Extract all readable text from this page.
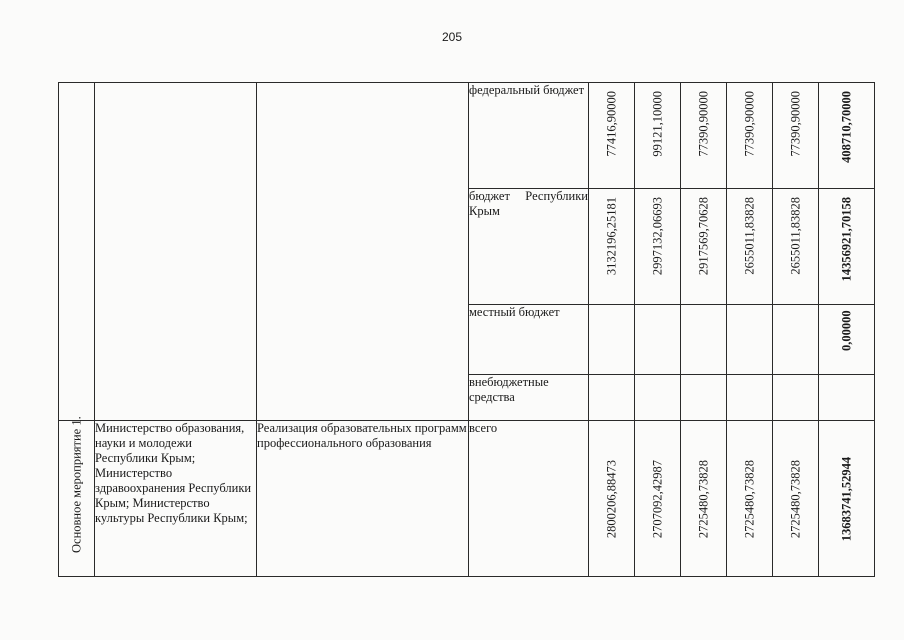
205
			федеральный бюджет	77416,90000	99121,10000	77390,90000	77390,90000	77390,90000	408710,70000

			бюджет Республики Крым	3132196,25181	2997132,06693	2917569,70628	2655011,83828	2655011,83828	14356921,70158

			местный бюджет						0,00000

			внебюджетные средства	

Основное мероприятие 1.	Министерство образования, науки и молодежи Республики Крым; Министерство здравоохранения Республики Крым; Министерство культуры Республики Крым;	Реализация образовательных программ профессионального образования	всего	2800206,88473	2707092,42987	2725480,73828	2725480,73828	2725480,73828	13683741,52944
